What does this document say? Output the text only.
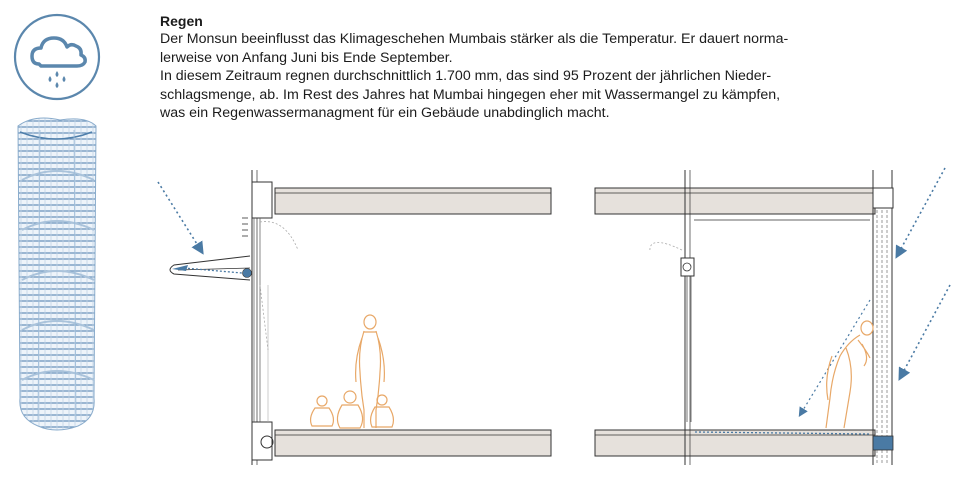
Regen

Der Monsun beeinflusst das Klimageschehen Mumbais stärker als die Temperatur. Er dauert norma-

lerweise von Anfang Juni bis Ende September.

In diesem Zeitraum regnen durchschnittlich 1.700 mm, das sind 95 Prozent der jährlichen Nieder-

schlagsmenge, ab. Im Rest des Jahres hat Mumbai hingegen eher mit Wassermangel zu kämpfen,

was ein Regenwassermanagment für ein Gebäude unabdinglich macht.
